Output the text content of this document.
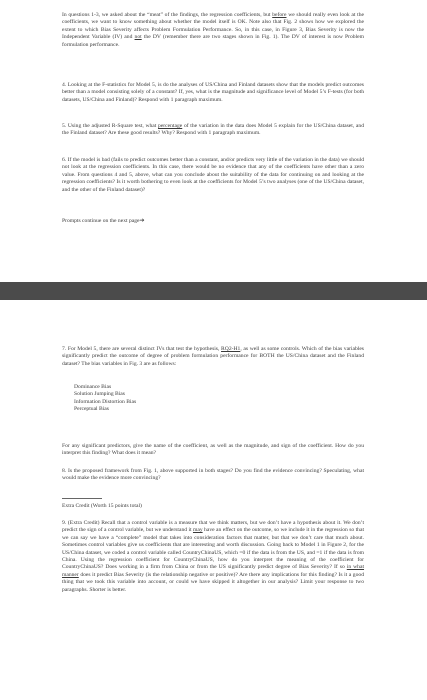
In questions 1-3, we asked about the “meat” of the findings, the regression coefficients, but before we should really even look at the coefficients, we want to know something about whether the model itself is OK. Note also that Fig. 2 shows how we explored the extent to which Bias Severity affects Problem Formulation Performance. So, in this case, in Figure 3, Bias Severity is now the Independent Variable (IV) and not the DV (remember there are two stages shown in Fig. 1). The DV of interest is now Problem formulation performance.

4. Looking at the F-statistics for Model 5, is do the analyses of US/China and Finland datasets show that the models predict outcomes better than a model consisting solely of a constant? If, yes, what is the magnitude and significance level of Model 5’s F-tests (for both datasets, US/China and Finland)? Respond with 1 paragraph maximum.

5. Using the adjusted R-Square test, what percentage of the variation in the data does Model 5 explain for the US/China dataset, and the Finland dataset? Are these good results? Why? Respond with 1 paragraph maximum.

6. If the model is bad (fails to predict outcomes better than a constant, and/or predicts very little of the variation in the data) we should not look at the regression coefficients. In this case, there would be no evidence that any of the coefficients have other than a zero value. From questions 4 and 5, above, what can you conclude about the suitability of the data for continuing on and looking at the regression coefficients? Is it worth bothering to even look at the coefficients for Model 5’s two analyses (one of the US/China dataset, and the other of the Finland dataset)?

Prompts continue on the next page➔

7. For Model 5, there are several distinct IVs that test the hypothesis, RQ2-H1, as well as some controls. Which of the bias variables significantly predict the outcome of degree of problem formulation performance for BOTH the US/China dataset and the Finland dataset? The bias variables in Fig. 3 are as follows:

Dominance Bias
Solution Jumping Bias
Information Distortion Bias
Perceptual Bias

For any significant predictors, give the name of the coefficient, as well as the magnitude, and sign of the coefficient. How do you interpret this finding? What does it mean?

8. Is the proposed framework from Fig. 1, above supported in both stages? Do you find the evidence convincing? Speculating, what would make the evidence more convincing?

Extra Credit (Worth 15 points total)

9. (Extra Credit) Recall that a control variable is a measure that we think matters, but we don’t have a hypothesis about it. We don’t predict the sign of a control variable, but we understand it may have an effect on the outcome, so we include it in the regression so that we can say we have a “complete” model that takes into consideration factors that matter, but that we don’t care that much about. Sometimes control variables give us coefficients that are interesting and worth discussion. Going back to Model 1 in Figure 2, for the US/China dataset, we coded a control variable called CountryChinaUS, which =0 if the data is from the US, and =1 if the data is from China. Using the regression coefficient for CountryChinaUS, how do you interpret the meaning of the coefficient for CountryChinaUS? Does working in a firm from China or from the US significantly predict degree of Bias Severity? If so in what manner does it predict Bias Severity (is the relationship negative or positive)? Are there any implications for this finding? Is it a good thing that we took this variable into account, or could we have skipped it altogether in our analysis? Limit your response to two paragraphs. Shorter is better.
